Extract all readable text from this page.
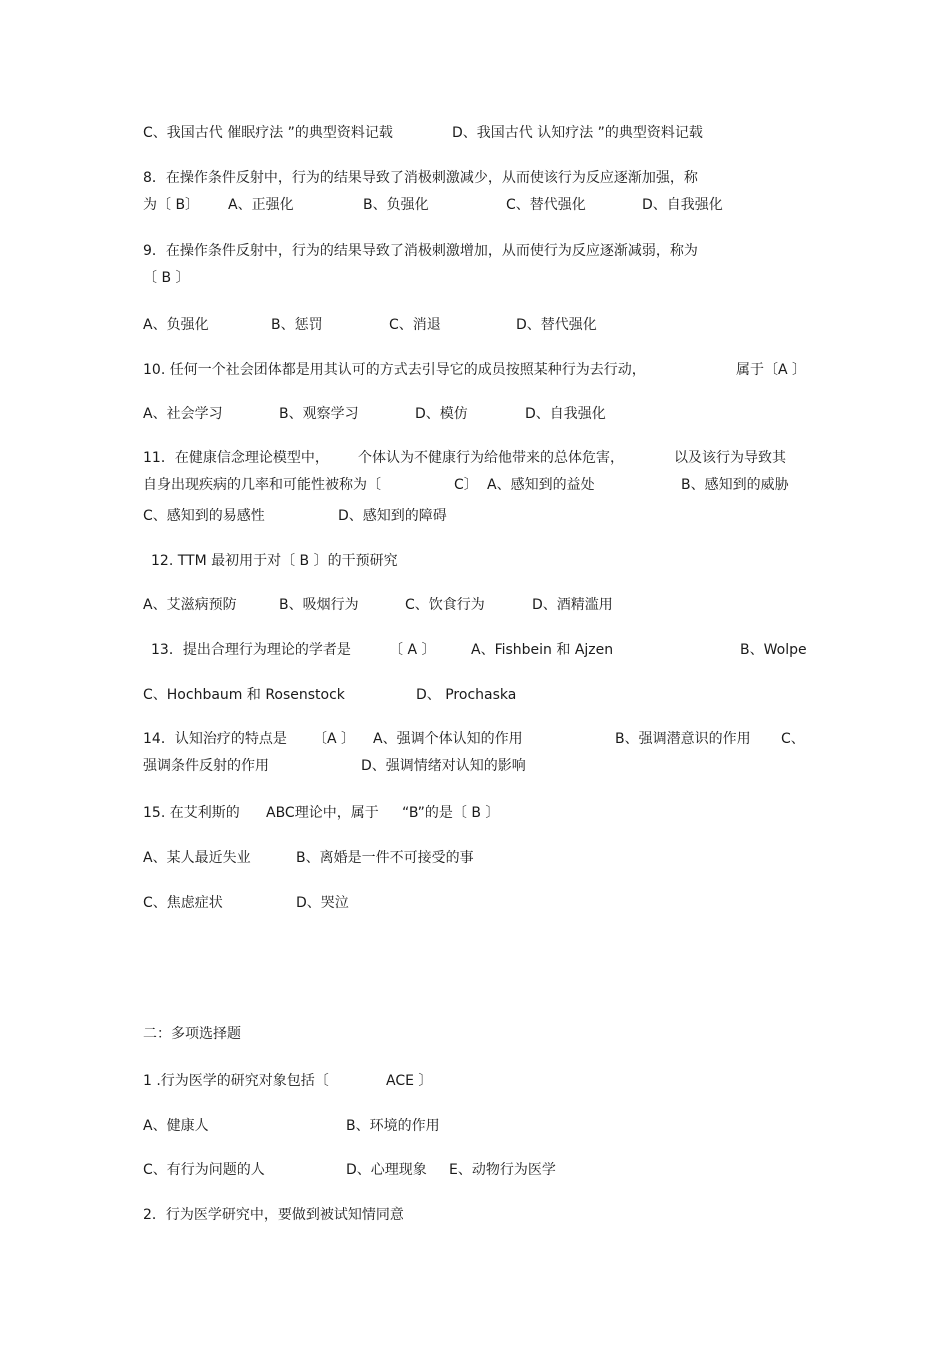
C、我国古代 催眠疗法 ”的典型资料记载	D、我国古代 认知疗法 ”的典型资料记载
8．在操作条件反射中，行为的结果导致了消极刺激减少，从而使该行为反应逐渐加强，称
为〔 B〕 A、正强化	B、负强化	C、替代强化	D、自我强化
9．在操作条件反射中，行为的结果导致了消极刺激增加，从而使行为反应逐渐减弱，称为
〔 B 〕
A、负强化	B、惩罚	C、消退	D、替代强化
10. 任何一个社会团体都是用其认可的方式去引导它的成员按照某种行为去行动，	属于〔A 〕
A、社会学习	B、观察学习	D、模仿	D、自我强化
11．在健康信念理论模型中， 个体认为不健康行为给他带来的总体危害，	以及该行为导致其
自身出现疾病的几率和可能性被称为〔	C〕 A、感知到的益处	B、感知到的威胁
C、感知到的易感性	D、感知到的障碍
12. TTM 最初用于对〔 B 〕的干预研究
A、艾滋病预防	B、吸烟行为	C、饮食行为	D、酒精滥用
13．提出合理行为理论的学者是	〔 A 〕	A、Fishbein 和 Ajzen	B、Wolpe
C、Hochbaum 和 Rosenstock	D、 Prochaska
14．认知治疗的特点是 〔A 〕 A、强调个体认知的作用	B、强调潜意识的作用 C、
强调条件反射的作用	D、强调情绪对认知的影响
15. 在艾利斯的 ABC理论中，属于 “B”的是〔 B 〕
A、某人最近失业	B、离婚是一件不可接受的事
C、焦虑症状	D、哭泣
二：多项选择题
1 .行为医学的研究对象包括〔	ACE 〕
A、健康人	B、环境的作用
C、有行为问题的人	D、心理现象 E、动物行为医学
2．行为医学研究中，要做到被试知情同意
